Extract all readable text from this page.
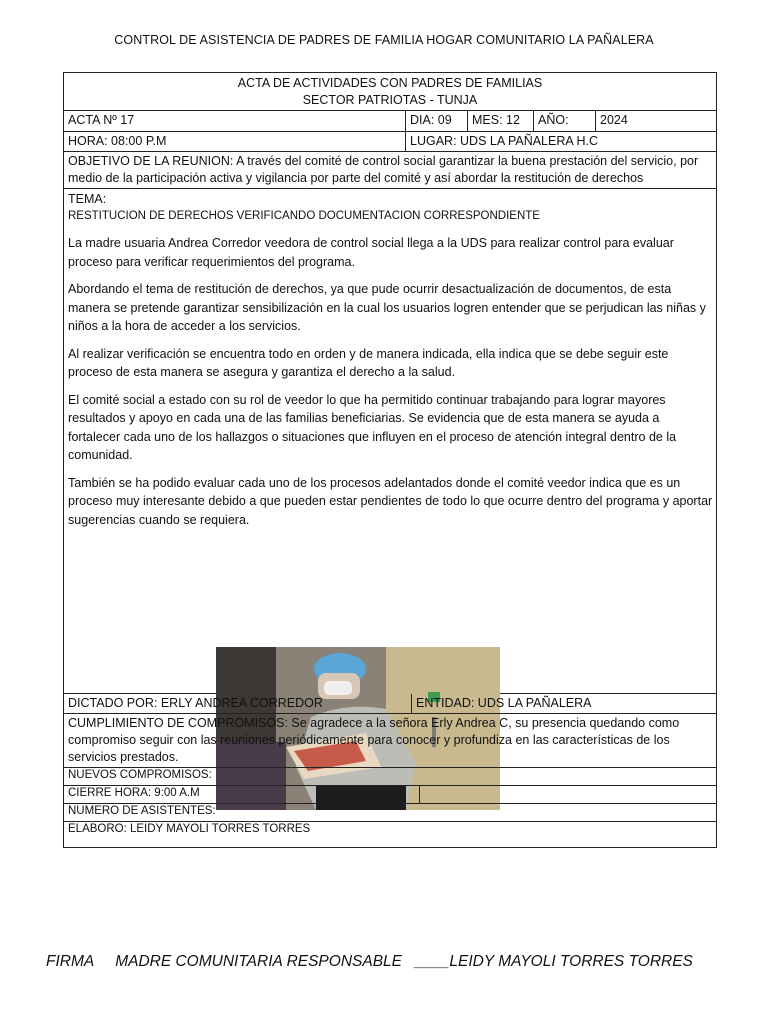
CONTROL DE ASISTENCIA DE PADRES DE FAMILIA HOGAR COMUNITARIO LA PAÑALERA
ACTA DE ACTIVIDADES CON PADRES DE FAMILIAS
SECTOR PATRIOTAS - TUNJA
ACTA Nº 17	DIA: 09	MES: 12	AÑO:	2024
HORA: 08:00 P.M	LUGAR: UDS LA PAÑALERA H.C
OBJETIVO DE LA REUNION: A través del comité de control social garantizar la buena prestación del servicio, por medio de la participación activa y vigilancia por parte del comité y así abordar la restitución de derechos
TEMA:
RESTITUCION DE DERECHOS VERIFICANDO DOCUMENTACION CORRESPONDIENTE

La madre usuaria Andrea Corredor veedora de control social llega a la UDS para realizar control para evaluar proceso para verificar requerimientos del programa.

Abordando el tema de restitución de derechos, ya que pude ocurrir desactualización de documentos, de esta manera se pretende garantizar sensibilización en la cual los usuarios logren entender que se perjudican las niñas y niños a la hora de acceder a los servicios.

Al realizar verificación se encuentra todo en orden y de manera indicada, ella indica que se debe seguir este proceso de esta manera se asegura y garantiza el derecho a la salud.

El comité social a estado con su rol de veedor lo que ha permitido continuar trabajando para lograr mayores resultados y apoyo en cada una de las familias beneficiarias. Se evidencia que de esta manera se ayuda a fortalecer cada uno de los hallazgos o situaciones que influyen en el proceso de atención integral dentro de la comunidad.

También se ha podido evaluar cada uno de los procesos adelantados donde el comité veedor indica que es un proceso muy interesante debido a que pueden estar pendientes de todo lo que ocurre dentro del programa y aportar sugerencias cuando se requiera.

DICTADO POR: ERLY ANDREA CORREDOR	ENTIDAD: UDS LA PAÑALERA
CUMPLIMIENTO DE COMPROMISOS: Se agradece a la señora Erly Andrea C, su presencia quedando como compromiso seguir con las reuniones periódicamente para conocer y profundiza en las características de los servicios prestados.
NUEVOS COMPROMISOS:
CIERRE HORA: 9:00 A.M
NUMERO DE ASISTENTES:
ELABORO: LEIDY MAYOLI TORRES TORRES
FIRMA MADRE COMUNITARIA RESPONSABLE ____LEIDY MAYOLI TORRES TORRES
